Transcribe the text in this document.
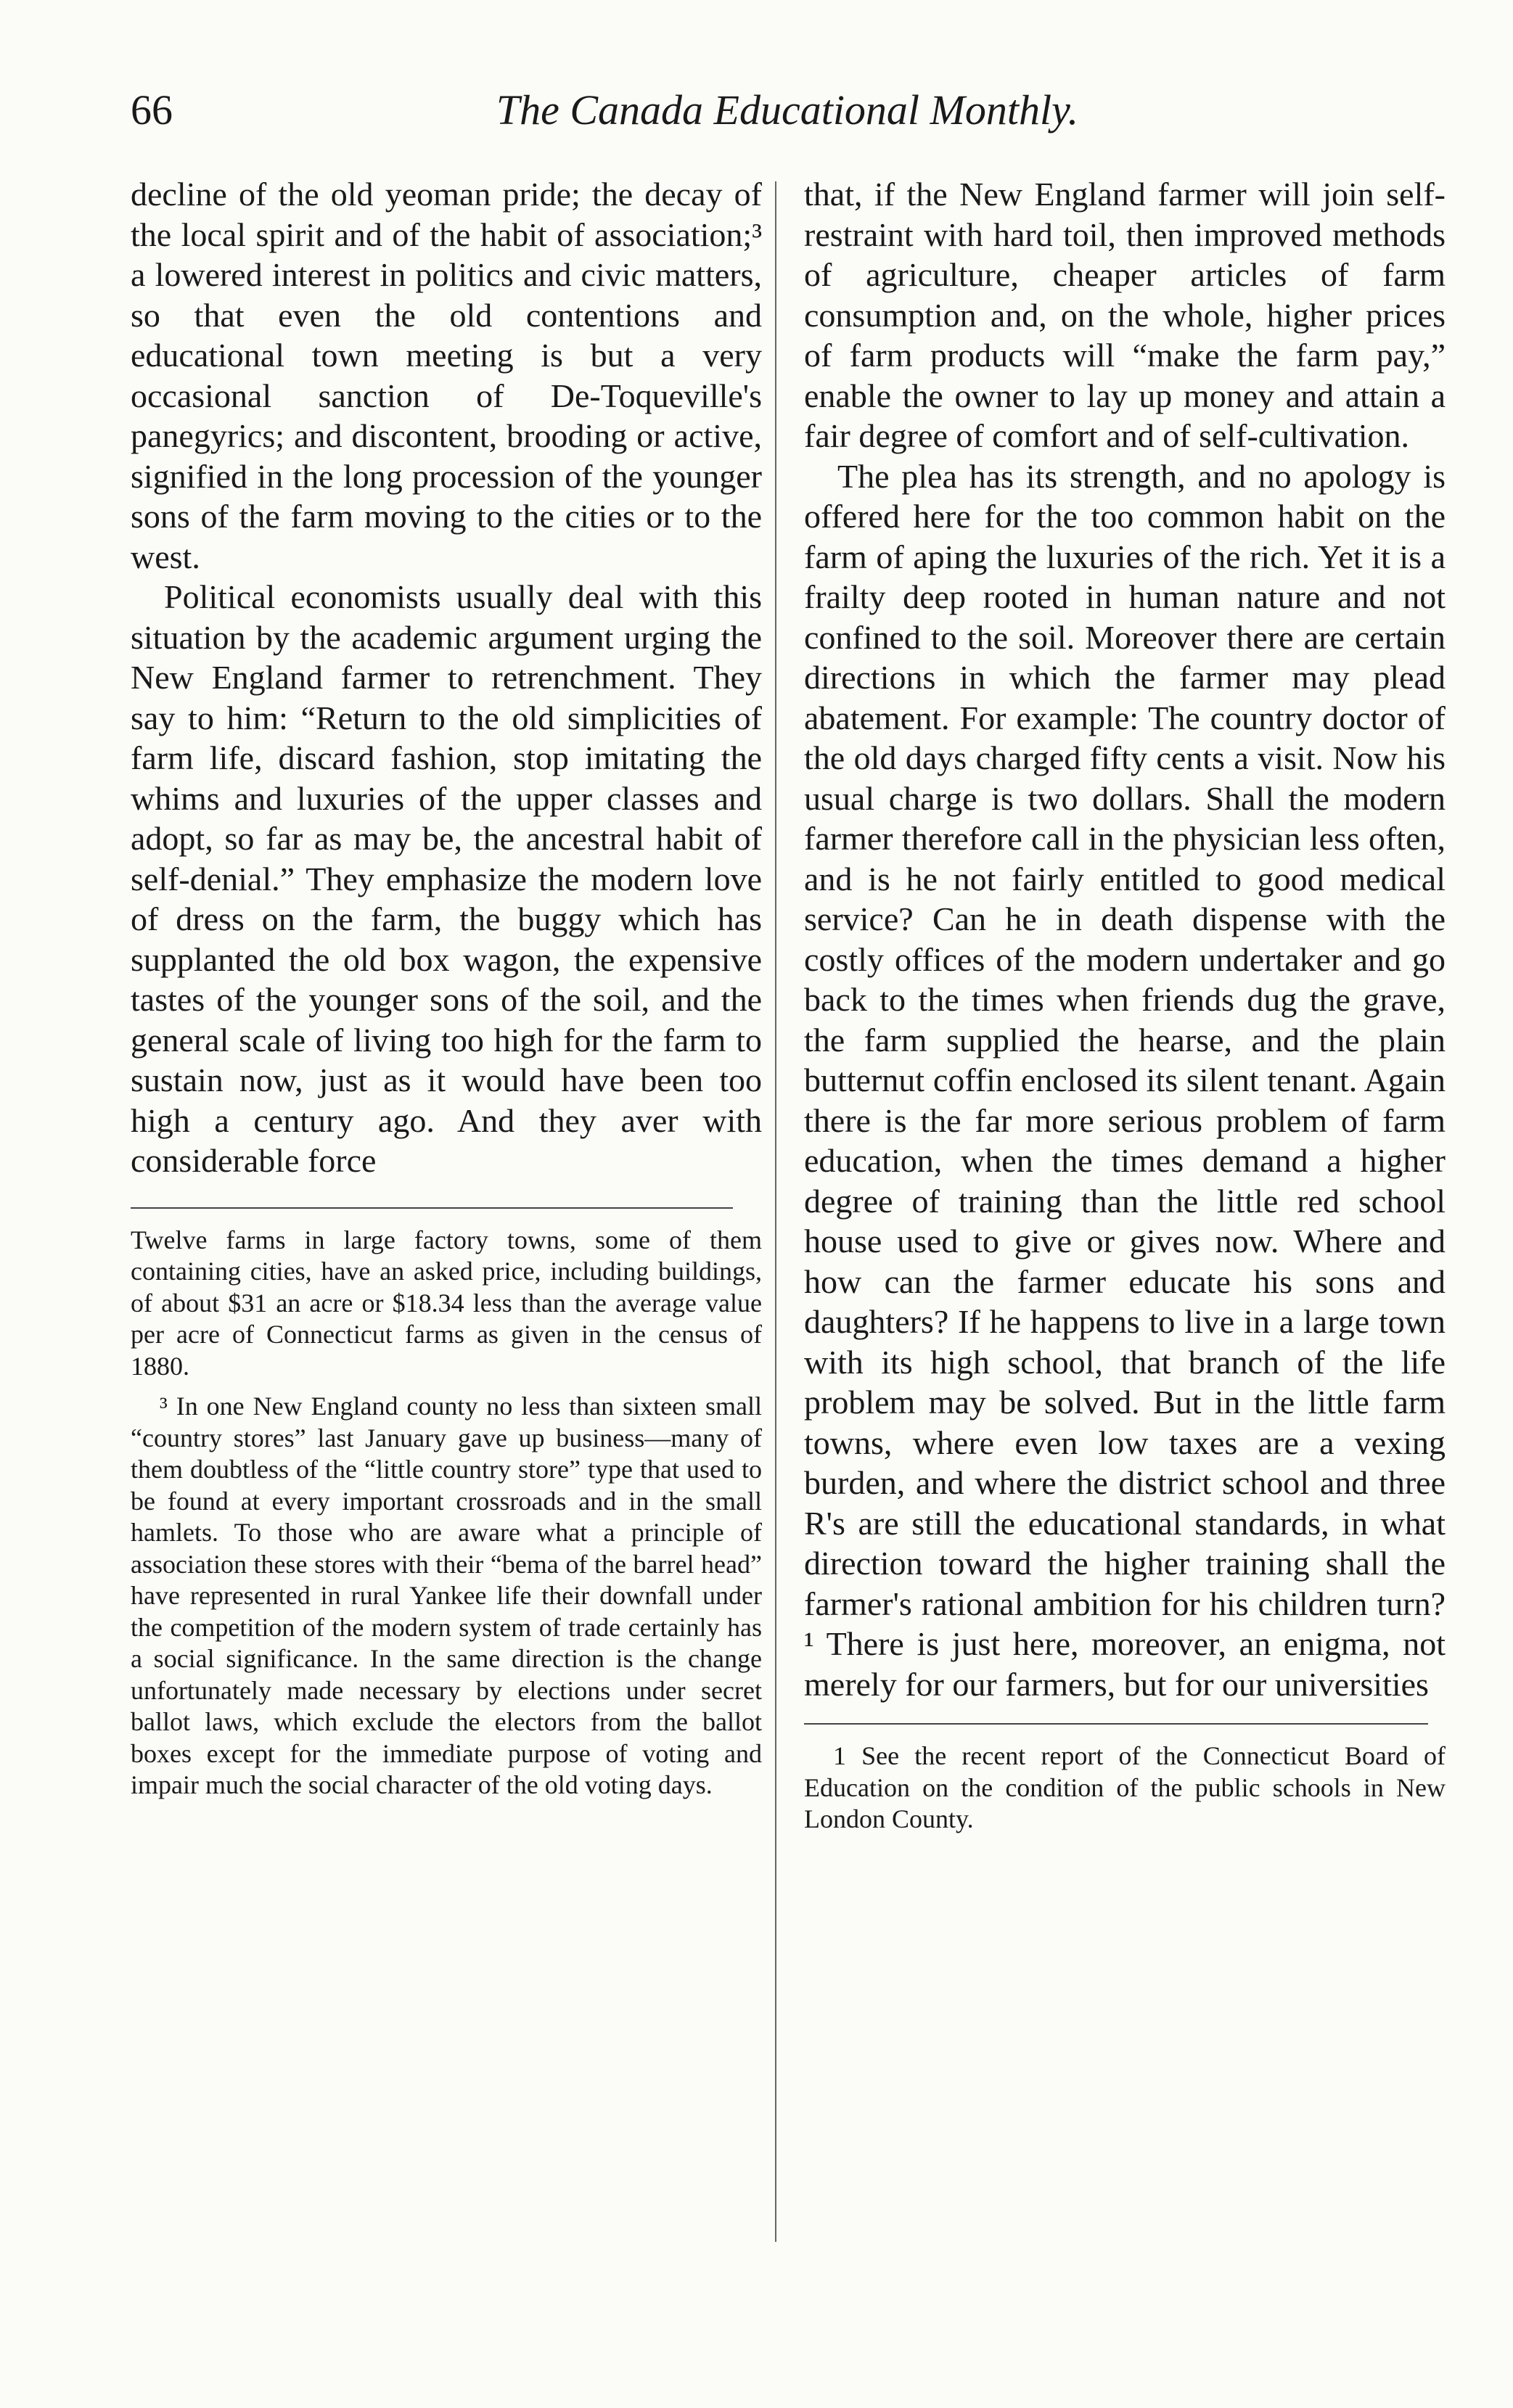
66	The Canada Educational Monthly.

decline of the old yeoman pride; the decay of the local spirit and of the habit of association;³ a lowered interest in politics and civic matters, so that even the old contentions and educational town meeting is but a very occasional sanction of De-Toqueville's panegyrics; and discontent, brooding or active, signified in the long procession of the younger sons of the farm moving to the cities or to the west.

Political economists usually deal with this situation by the academic argument urging the New England farmer to retrenchment. They say to him: “Return to the old simplicities of farm life, discard fashion, stop imitating the whims and luxuries of the upper classes and adopt, so far as may be, the ancestral habit of self-denial.” They emphasize the modern love of dress on the farm, the buggy which has supplanted the old box wagon, the expensive tastes of the younger sons of the soil, and the general scale of living too high for the farm to sustain now, just as it would have been too high a century ago. And they aver with considerable force

Twelve farms in large factory towns, some of them containing cities, have an asked price, including buildings, of about $31 an acre or $18.34 less than the average value per acre of Connecticut farms as given in the census of 1880.

³ In one New England county no less than sixteen small “country stores” last January gave up business—many of them doubtless of the “little country store” type that used to be found at every important crossroads and in the small hamlets. To those who are aware what a principle of association these stores with their “bema of the barrel head” have represented in rural Yankee life their downfall under the competition of the modern system of trade certainly has a social significance. In the same direction is the change unfortunately made necessary by elections under secret ballot laws, which exclude the electors from the ballot boxes except for the immediate purpose of voting and impair much the social character of the old voting days.

that, if the New England farmer will join self-restraint with hard toil, then improved methods of agriculture, cheaper articles of farm consumption and, on the whole, higher prices of farm products will “make the farm pay,” enable the owner to lay up money and attain a fair degree of comfort and of self-cultivation.

The plea has its strength, and no apology is offered here for the too common habit on the farm of aping the luxuries of the rich. Yet it is a frailty deep rooted in human nature and not confined to the soil. Moreover there are certain directions in which the farmer may plead abatement. For example: The country doctor of the old days charged fifty cents a visit. Now his usual charge is two dollars. Shall the modern farmer therefore call in the physician less often, and is he not fairly entitled to good medical service? Can he in death dispense with the costly offices of the modern undertaker and go back to the times when friends dug the grave, the farm supplied the hearse, and the plain butternut coffin enclosed its silent tenant. Again there is the far more serious problem of farm education, when the times demand a higher degree of training than the little red school house used to give or gives now. Where and how can the farmer educate his sons and daughters? If he happens to live in a large town with its high school, that branch of the life problem may be solved. But in the little farm towns, where even low taxes are a vexing burden, and where the district school and three R's are still the educational standards, in what direction toward the higher training shall the farmer's rational ambition for his children turn?¹ There is just here, moreover, an enigma, not merely for our farmers, but for our universities

1 See the recent report of the Connecticut Board of Education on the condition of the public schools in New London County.
